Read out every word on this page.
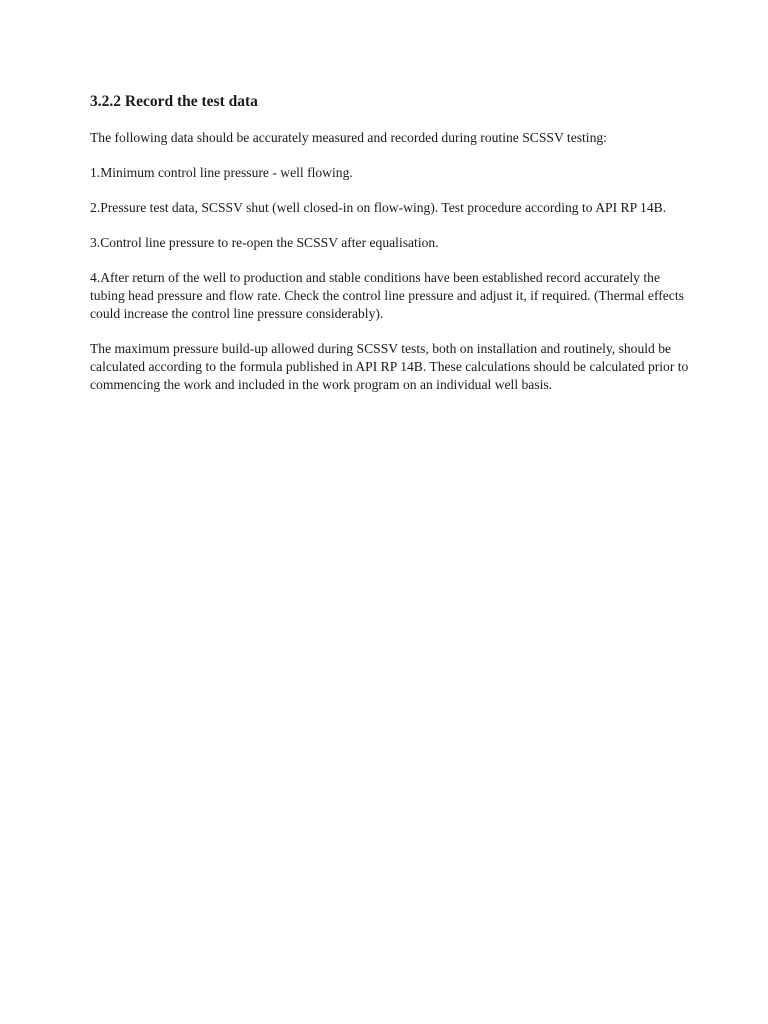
3.2.2 Record the test data

The following data should be accurately measured and recorded during routine SCSSV testing:

1.Minimum control line pressure - well flowing.

2.Pressure test data, SCSSV shut (well closed-in on flow-wing). Test procedure according to API RP 14B.

3.Control line pressure to re-open the SCSSV after equalisation.

4.After return of the well to production and stable conditions have been established record accurately the tubing head pressure and flow rate. Check the control line pressure and adjust it, if required. (Thermal effects could increase the control line pressure considerably).

The maximum pressure build-up allowed during SCSSV tests, both on installation and routinely, should be calculated according to the formula published in API RP 14B. These calculations should be calculated prior to commencing the work and included in the work program on an individual well basis.
